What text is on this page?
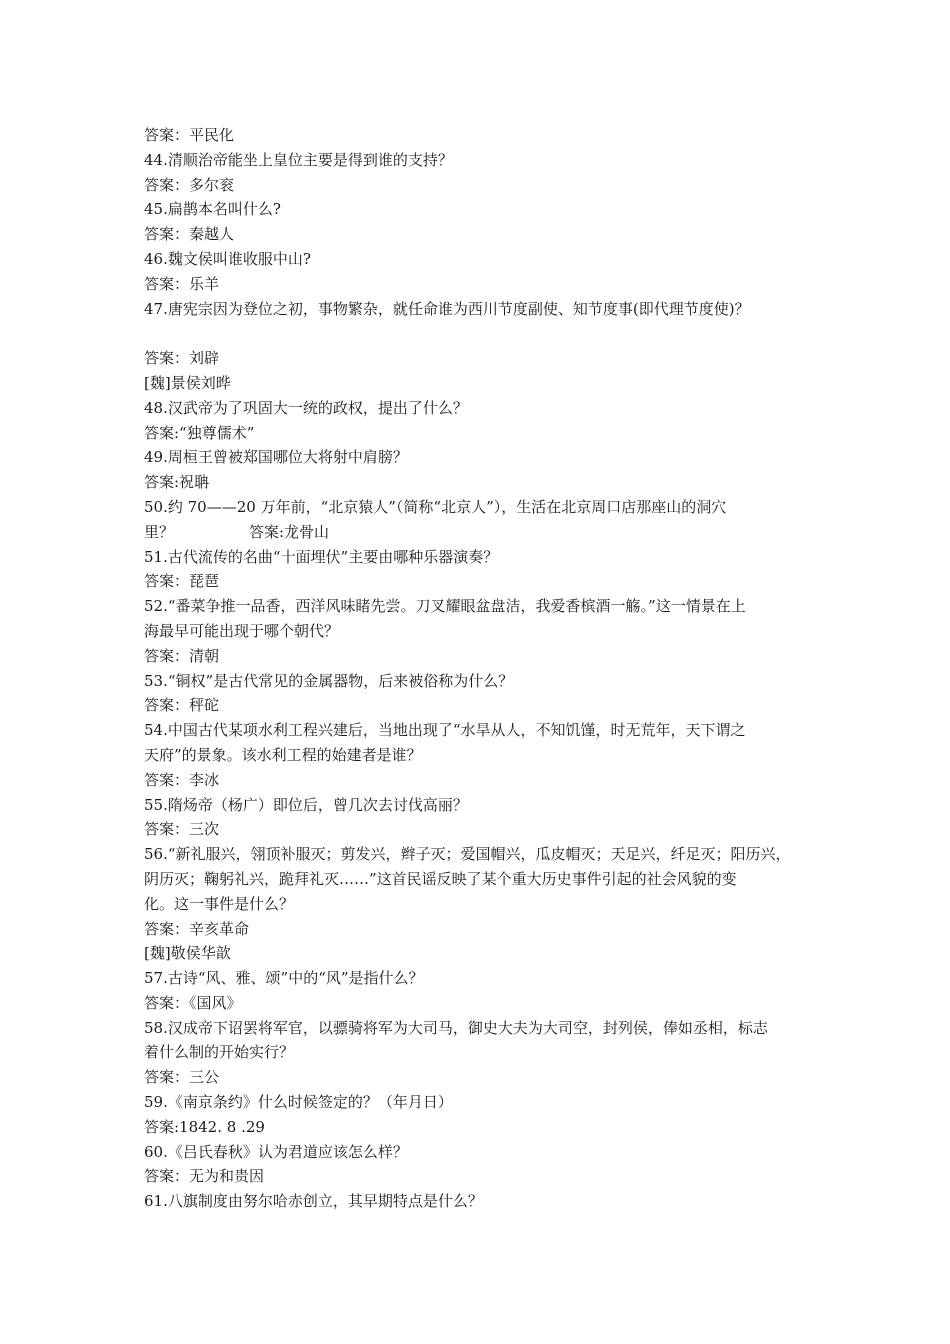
答案：平民化
44.清顺治帝能坐上皇位主要是得到谁的支持？
答案：多尔衮
45.扁鹊本名叫什么?
答案：秦越人
46.魏文侯叫谁收服中山?
答案：乐羊
47.唐宪宗因为登位之初，事物繁杂，就任命谁为西川节度副使、知节度事(即代理节度使)？
答案：刘辟
[魏]景侯刘晔
48.汉武帝为了巩固大一统的政权，提出了什么？
答案:“独尊儒术”
49.周桓王曾被郑国哪位大将射中肩膀？
答案:祝聃
50.约 70——20 万年前，“北京猿人”（简称“北京人”），生活在北京周口店那座山的洞穴
里？　　　　　答案:龙骨山
51.古代流传的名曲“十面埋伏”主要由哪种乐器演奏？
答案：琵琶
52.“番菜争推一品香，西洋风味睹先尝。刀叉耀眼盆盘洁，我爱香槟酒一觞。”这一情景在上
海最早可能出现于哪个朝代？
答案：清朝
53.“铜权”是古代常见的金属器物，后来被俗称为什么？
答案：秤砣
54.中国古代某项水利工程兴建后，当地出现了“水旱从人，不知饥馑，时无荒年，天下谓之
天府”的景象。该水利工程的始建者是谁？
答案：李冰
55.隋炀帝（杨广）即位后，曾几次去讨伐高丽？
答案：三次
56.“新礼服兴，翎顶补服灭；剪发兴，辫子灭；爱国帽兴，瓜皮帽灭；天足兴，纤足灭；阳历兴，
阴历灭；鞠躬礼兴，跪拜礼灭……”这首民谣反映了某个重大历史事件引起的社会风貌的变
化。这一事件是什么？
答案：辛亥革命
[魏]敬侯华歆
57.古诗“风、雅、颂”中的“风”是指什么？
答案：《国风》
58.汉成帝下诏罢将军官，以骠骑将军为大司马，御史大夫为大司空，封列侯，俸如丞相，标志
着什么制的开始实行？
答案：三公
59.《南京条约》什么时候签定的？（年月日）
答案:1842. 8 .29
60.《吕氏春秋》认为君道应该怎么样？
答案：无为和贵因
61.八旗制度由努尔哈赤创立，其早期特点是什么？
